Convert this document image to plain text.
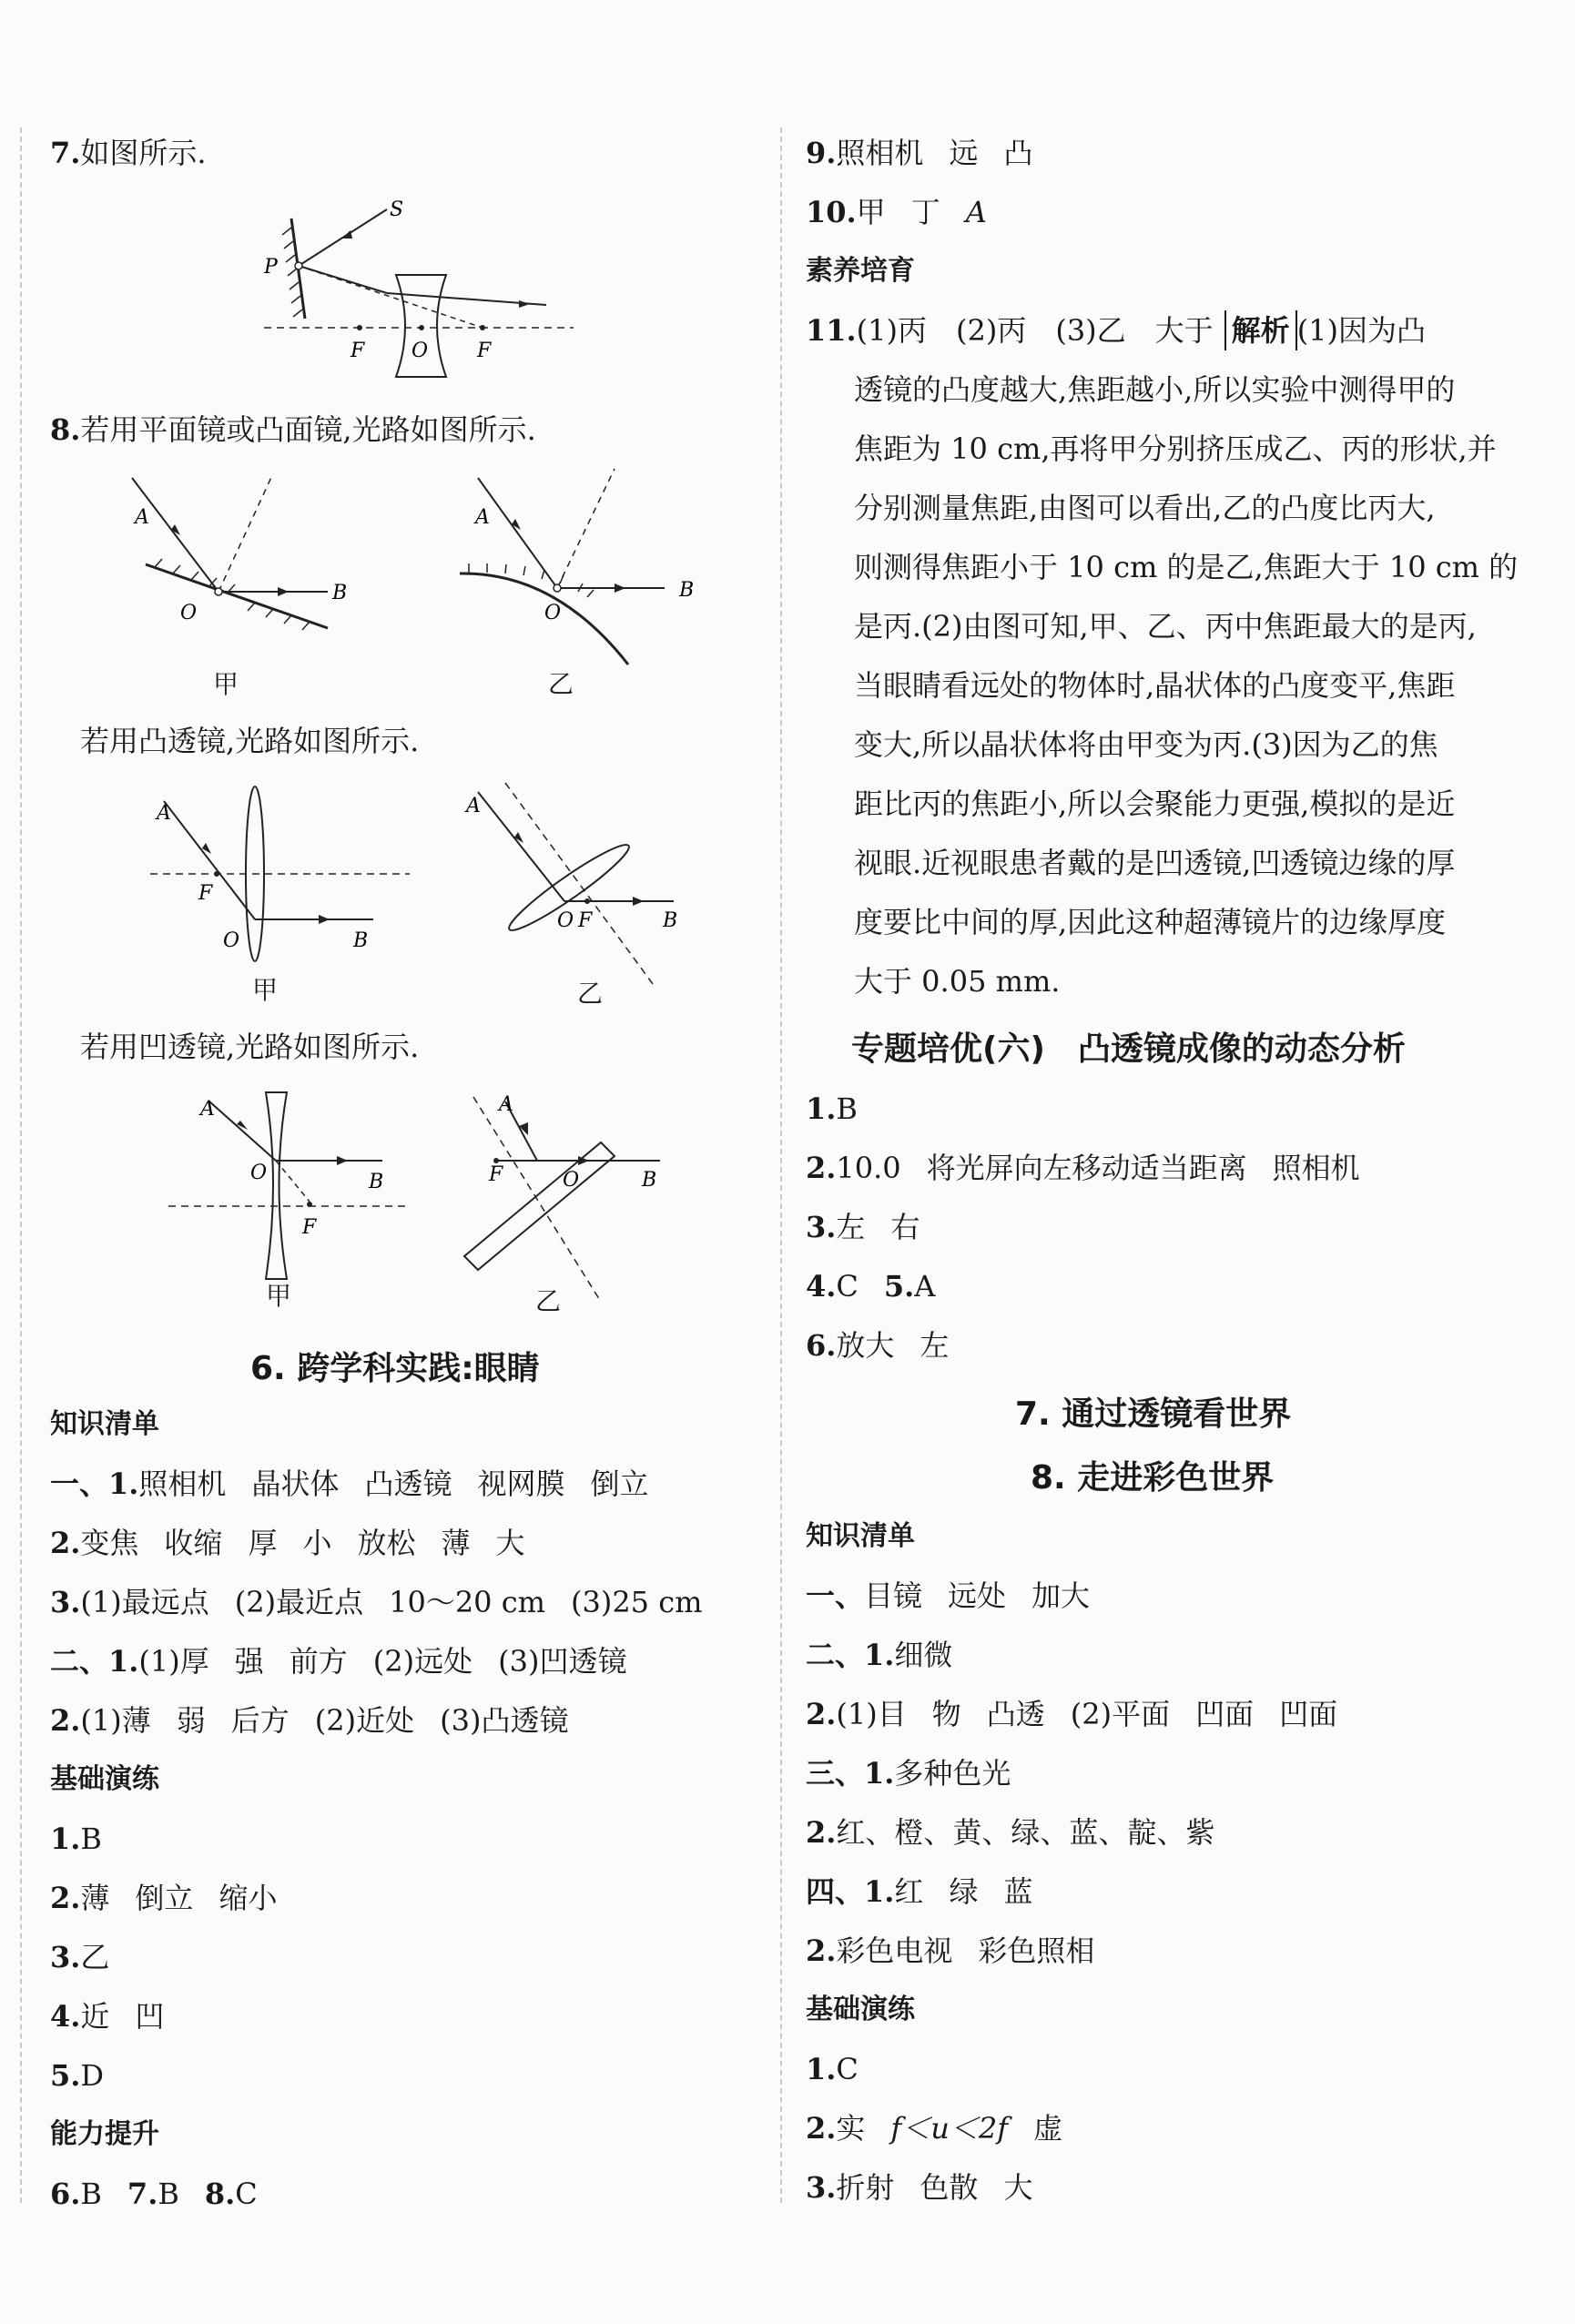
7.如图所示.
S
P
F O F
8.若用平面镜或凸面镜,光路如图所示.
A
B
O
甲
A
B
O
乙
若用凸透镜,光路如图所示.
A
F
O	B
甲
A
O F	B
乙
若用凹透镜,光路如图所示.
A
O	B
F
甲
A
F	O	B
乙
6. 跨学科实践:眼睛
知识清单
一、1.照相机 晶状体 凸透镜 视网膜 倒立
2.变焦 收缩 厚 小 放松 薄 大
3.(1)最远点 (2)最近点 10～20 cm (3)25 cm
二、1.(1)厚 强 前方 (2)远处 (3)凹透镜
2.(1)薄 弱 后方 (2)近处 (3)凸透镜
基础演练
1.B
2.薄 倒立 缩小
3.乙
4.近 凹
5.D
能力提升
6.B 7.B 8.C
9.照相机 远 凸
10.甲 丁 A
素养培育
11.(1)丙　(2)丙　(3)乙　大于 解析 (1)因为凸
透镜的凸度越大,焦距越小,所以实验中测得甲的
焦距为 10 cm,再将甲分别挤压成乙、丙的形状,并
分别测量焦距,由图可以看出,乙的凸度比丙大,
则测得焦距小于 10 cm 的是乙,焦距大于 10 cm 的
是丙.(2)由图可知,甲、乙、丙中焦距最大的是丙,
当眼睛看远处的物体时,晶状体的凸度变平,焦距
变大,所以晶状体将由甲变为丙.(3)因为乙的焦
距比丙的焦距小,所以会聚能力更强,模拟的是近
视眼.近视眼患者戴的是凹透镜,凹透镜边缘的厚
度要比中间的厚,因此这种超薄镜片的边缘厚度
大于 0.05 mm.
专题培优(六)　凸透镜成像的动态分析
1.B
2.10.0 将光屏向左移动适当距离 照相机
3.左 右
4.C 5.A
6.放大 左
7. 通过透镜看世界
8. 走进彩色世界
知识清单
一、目镜 远处 加大
二、1.细微
2.(1)目 物 凸透 (2)平面 凹面 凹面
三、1.多种色光
2.红、橙、黄、绿、蓝、靛、紫
四、1.红 绿 蓝
2.彩色电视 彩色照相
基础演练
1.C
2.实 f＜u＜2f 虚
3.折射 色散 大
